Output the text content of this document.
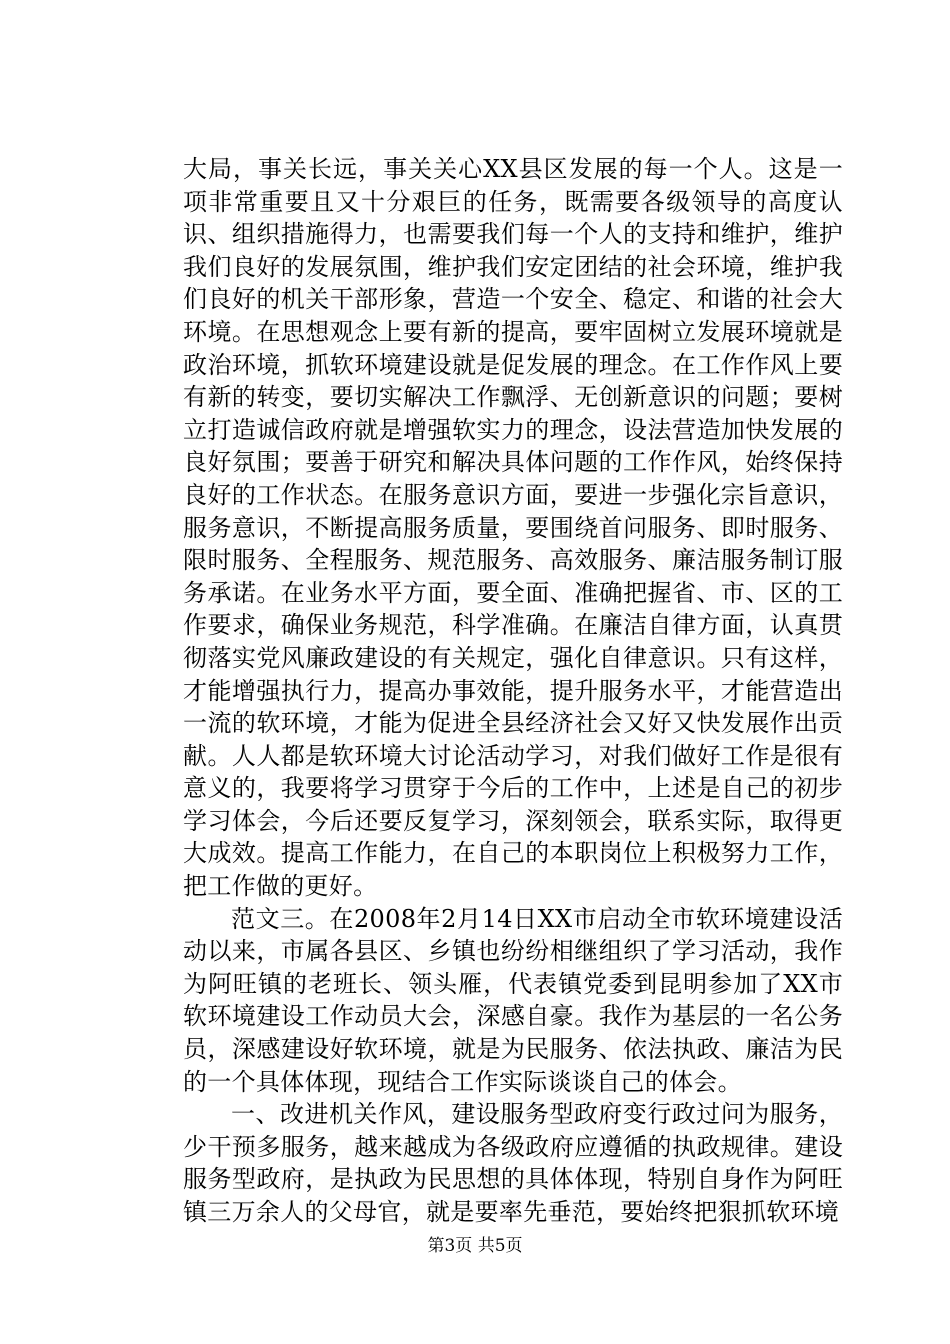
大局，事关长远，事关关心XX县区发展的每一个人。这是一项非常重要且又十分艰巨的任务，既需要各级领导的高度认识、组织措施得力，也需要我们每一个人的支持和维护，维护我们良好的发展氛围，维护我们安定团结的社会环境，维护我们良好的机关干部形象，营造一个安全、稳定、和谐的社会大环境。在思想观念上要有新的提高，要牢固树立发展环境就是政治环境，抓软环境建设就是促发展的理念。在工作作风上要有新的转变，要切实解决工作飘浮、无创新意识的问题；要树立打造诚信政府就是增强软实力的理念，设法营造加快发展的良好氛围；要善于研究和解决具体问题的工作作风，始终保持良好的工作状态。在服务意识方面，要进一步强化宗旨意识，服务意识，不断提高服务质量，要围绕首问服务、即时服务、限时服务、全程服务、规范服务、高效服务、廉洁服务制订服务承诺。在业务水平方面，要全面、准确把握省、市、区的工作要求，确保业务规范，科学准确。在廉洁自律方面，认真贯彻落实党风廉政建设的有关规定，强化自律意识。只有这样，才能增强执行力，提高办事效能，提升服务水平，才能营造出一流的软环境，才能为促进全县经济社会又好又快发展作出贡献。人人都是软环境大讨论活动学习，对我们做好工作是很有意义的，我要将学习贯穿于今后的工作中，上述是自己的初步学习体会，今后还要反复学习，深刻领会，联系实际，取得更大成效。提高工作能力，在自己的本职岗位上积极努力工作，把工作做的更好。

范文三。在2008年2月14日XX市启动全市软环境建设活动以来，市属各县区、乡镇也纷纷相继组织了学习活动，我作为阿旺镇的老班长、领头雁，代表镇党委到昆明参加了XX市软环境建设工作动员大会，深感自豪。我作为基层的一名公务员，深感建设好软环境，就是为民服务、依法执政、廉洁为民的一个具体体现，现结合工作实际谈谈自己的体会。

一、改进机关作风，建设服务型政府变行政过问为服务，少干预多服务，越来越成为各级政府应遵循的执政规律。建设服务型政府，是执政为民思想的具体体现，特别自身作为阿旺镇三万余人的父母官，就是要率先垂范，要始终把狠抓软环境

第3页 共5页
